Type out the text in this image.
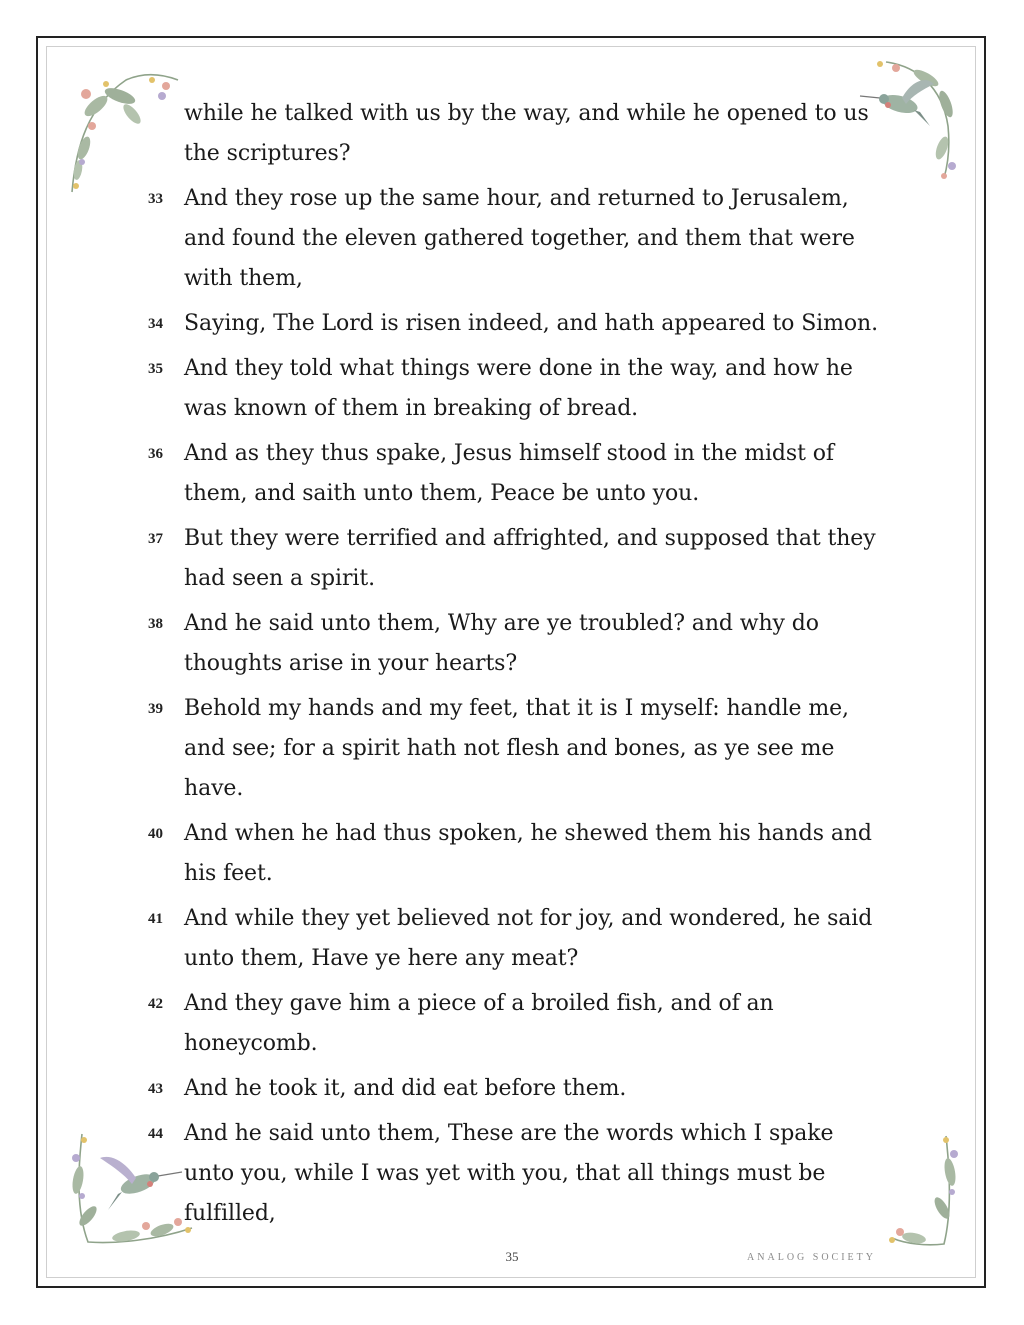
while he talked with us by the way, and while he opened to us the scriptures?
33 And they rose up the same hour, and returned to Jerusalem, and found the eleven gathered together, and them that were with them,
34 Saying, The Lord is risen indeed, and hath appeared to Simon.
35 And they told what things were done in the way, and how he was known of them in breaking of bread.
36 And as they thus spake, Jesus himself stood in the midst of them, and saith unto them, Peace be unto you.
37 But they were terrified and affrighted, and supposed that they had seen a spirit.
38 And he said unto them, Why are ye troubled? and why do thoughts arise in your hearts?
39 Behold my hands and my feet, that it is I myself: handle me, and see; for a spirit hath not flesh and bones, as ye see me have.
40 And when he had thus spoken, he shewed them his hands and his feet.
41 And while they yet believed not for joy, and wondered, he said unto them, Have ye here any meat?
42 And they gave him a piece of a broiled fish, and of an honeycomb.
43 And he took it, and did eat before them.
44 And he said unto them, These are the words which I spake unto you, while I was yet with you, that all things must be fulfilled,
35	ANALOG SOCIETY
